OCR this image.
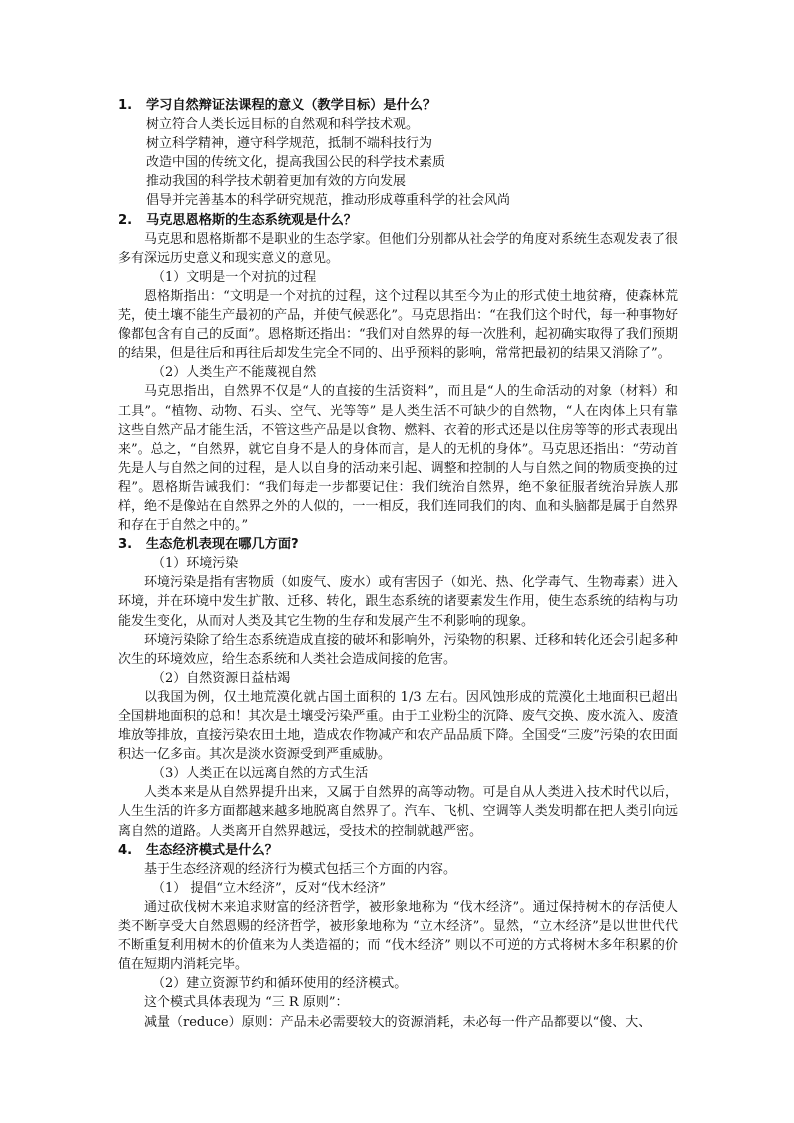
1.	学习自然辩证法课程的意义（教学目标）是什么？
树立符合人类长远目标的自然观和科学技术观。
树立科学精神，遵守科学规范，抵制不端科技行为
改造中国的传统文化，提高我国公民的科学技术素质
推动我国的科学技术朝着更加有效的方向发展
倡导并完善基本的科学研究规范，推动形成尊重科学的社会风尚
2.	马克思恩格斯的生态系统观是什么？
马克思和恩格斯都不是职业的生态学家。但他们分别都从社会学的角度对系统生态观发表了很多有深远历史意义和现实意义的意见。
（1）文明是一个对抗的过程
恩格斯指出：“文明是一个对抗的过程，这个过程以其至今为止的形式使土地贫瘠，使森林荒芜，使土壤不能生产最初的产品，并使气候恶化”。马克思指出：“在我们这个时代，每一种事物好像都包含有自己的反面”。恩格斯还指出：“我们对自然界的每一次胜利，起初确实取得了我们预期的结果，但是往后和再往后却发生完全不同的、出乎预料的影响，常常把最初的结果又消除了”。
（2）人类生产不能蔑视自然
马克思指出，自然界不仅是“人的直接的生活资料”，而且是“人的生命活动的对象（材料）和工具”。“植物、动物、石头、空气、光等等” 是人类生活不可缺少的自然物，“人在肉体上只有靠这些自然产品才能生活，不管这些产品是以食物、燃料、衣着的形式还是以住房等等的形式表现出来”。总之，“自然界，就它自身不是人的身体而言，是人的无机的身体”。马克思还指出：“劳动首先是人与自然之间的过程，是人以自身的活动来引起、调整和控制的人与自然之间的物质变换的过程”。恩格斯告诫我们：“我们每走一步都要记住：我们统治自然界，绝不象征服者统治异族人那样，绝不是像站在自然界之外的人似的，一一相反，我们连同我们的肉、血和头脑都是属于自然界和存在于自然之中的。”
3.	生态危机表现在哪几方面?
（1）环境污染
环境污染是指有害物质（如废气、废水）或有害因子（如光、热、化学毒气、生物毒素）进入环境，并在环境中发生扩散、迁移、转化，跟生态系统的诸要素发生作用，使生态系统的结构与功能发生变化，从而对人类及其它生物的生存和发展产生不利影响的现象。
环境污染除了给生态系统造成直接的破坏和影响外，污染物的积累、迁移和转化还会引起多种次生的环境效应，给生态系统和人类社会造成间接的危害。
（2）自然资源日益枯竭
以我国为例，仅土地荒漠化就占国土面积的 1/3 左右。因风蚀形成的荒漠化土地面积已超出全国耕地面积的总和！其次是土壤受污染严重。由于工业粉尘的沉降、废气交换、废水流入、废渣堆放等排放，直接污染农田土地，造成农作物减产和农产品品质下降。全国受“三废”污染的农田面积达一亿多亩。其次是淡水资源受到严重威胁。
（3）人类正在以远离自然的方式生活
人类本来是从自然界提升出来，又属于自然界的高等动物。可是自从人类进入技术时代以后，人生生活的许多方面都越来越多地脱离自然界了。汽车、飞机、空调等人类发明都在把人类引向远离自然的道路。人类离开自然界越远，受技术的控制就越严密。
4.	生态经济模式是什么？
基于生态经济观的经济行为模式包括三个方面的内容。
（1） 提倡“立木经济”，反对“伐木经济”
通过砍伐树木来追求财富的经济哲学，被形象地称为 “伐木经济”。通过保持树木的存活使人类不断享受大自然恩赐的经济哲学，被形象地称为 “立木经济”。显然，“立木经济”是以世世代代不断重复利用树木的价值来为人类造福的；而 “伐木经济” 则以不可逆的方式将树木多年积累的价值在短期内消耗完毕。
（2）建立资源节约和循环使用的经济模式。
这个模式具体表现为 “三 R 原则”：
减量（reduce）原则：产品未必需要较大的资源消耗，未必每一件产品都要以“傻、大、
